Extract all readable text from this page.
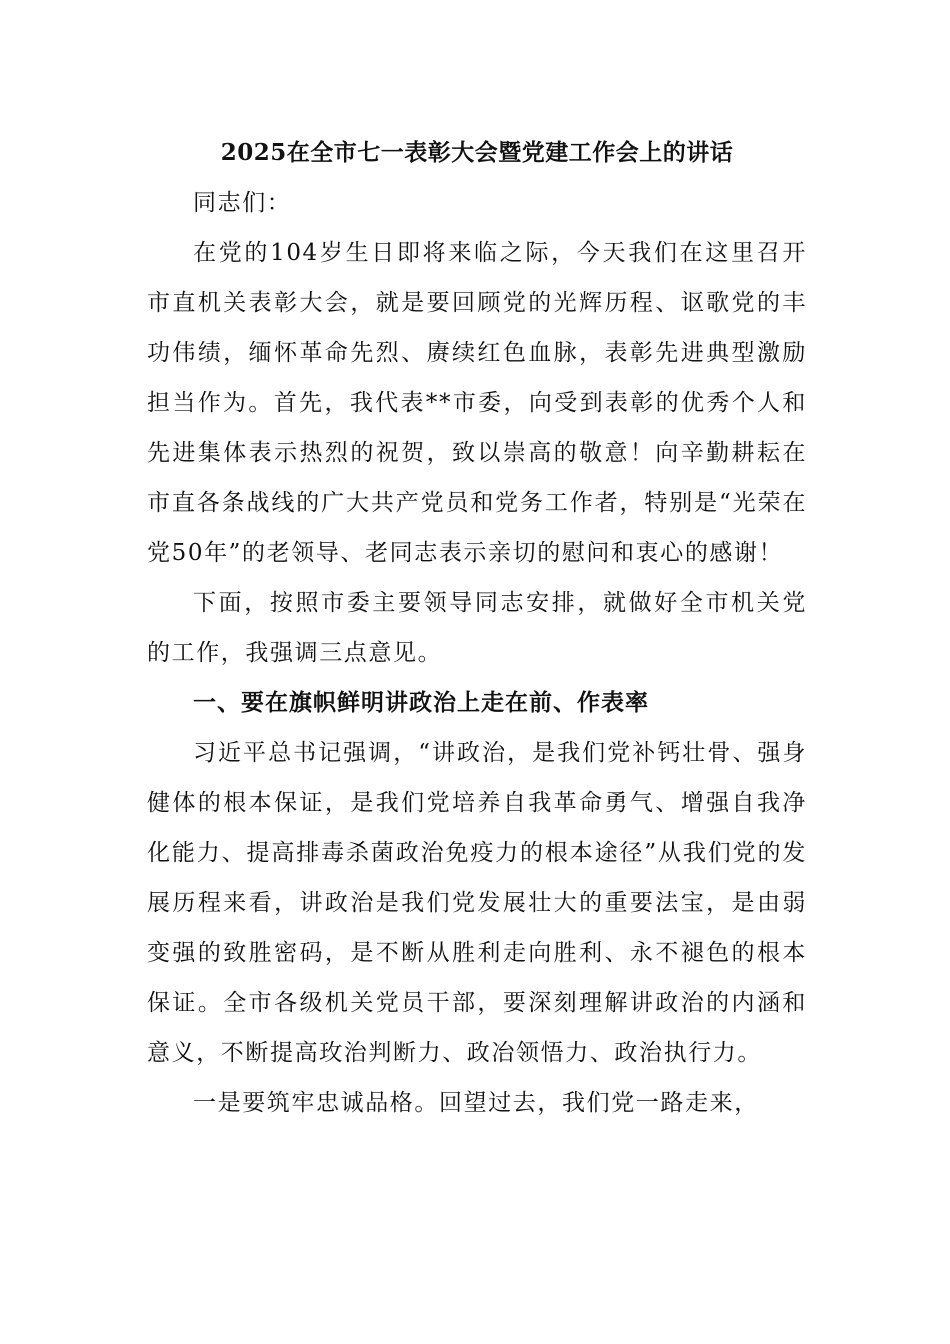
2025在全市七一表彰大会暨党建工作会上的讲话

同志们：

在党的104岁生日即将来临之际，今天我们在这里召开市直机关表彰大会，就是要回顾党的光辉历程、讴歌党的丰功伟绩，缅怀革命先烈、赓续红色血脉，表彰先进典型激励担当作为。首先，我代表**市委，向受到表彰的优秀个人和先进集体表示热烈的祝贺，致以崇高的敬意！向辛勤耕耘在市直各条战线的广大共产党员和党务工作者，特别是“光荣在党50年”的老领导、老同志表示亲切的慰问和衷心的感谢！

下面，按照市委主要领导同志安排，就做好全市机关党的工作，我强调三点意见。

一、要在旗帜鲜明讲政治上走在前、作表率

习近平总书记强调，“讲政治，是我们党补钙壮骨、强身健体的根本保证，是我们党培养自我革命勇气、增强自我净化能力、提高排毒杀菌政治免疫力的根本途径”从我们党的发展历程来看，讲政治是我们党发展壮大的重要法宝，是由弱变强的致胜密码，是不断从胜利走向胜利、永不褪色的根本保证。全市各级机关党员干部，要深刻理解讲政治的内涵和意义，不断提高玫治判断力、政冶领悟力、政治执行力。

一是要筑牢忠诚品格。回望过去，我们党一路走来，
